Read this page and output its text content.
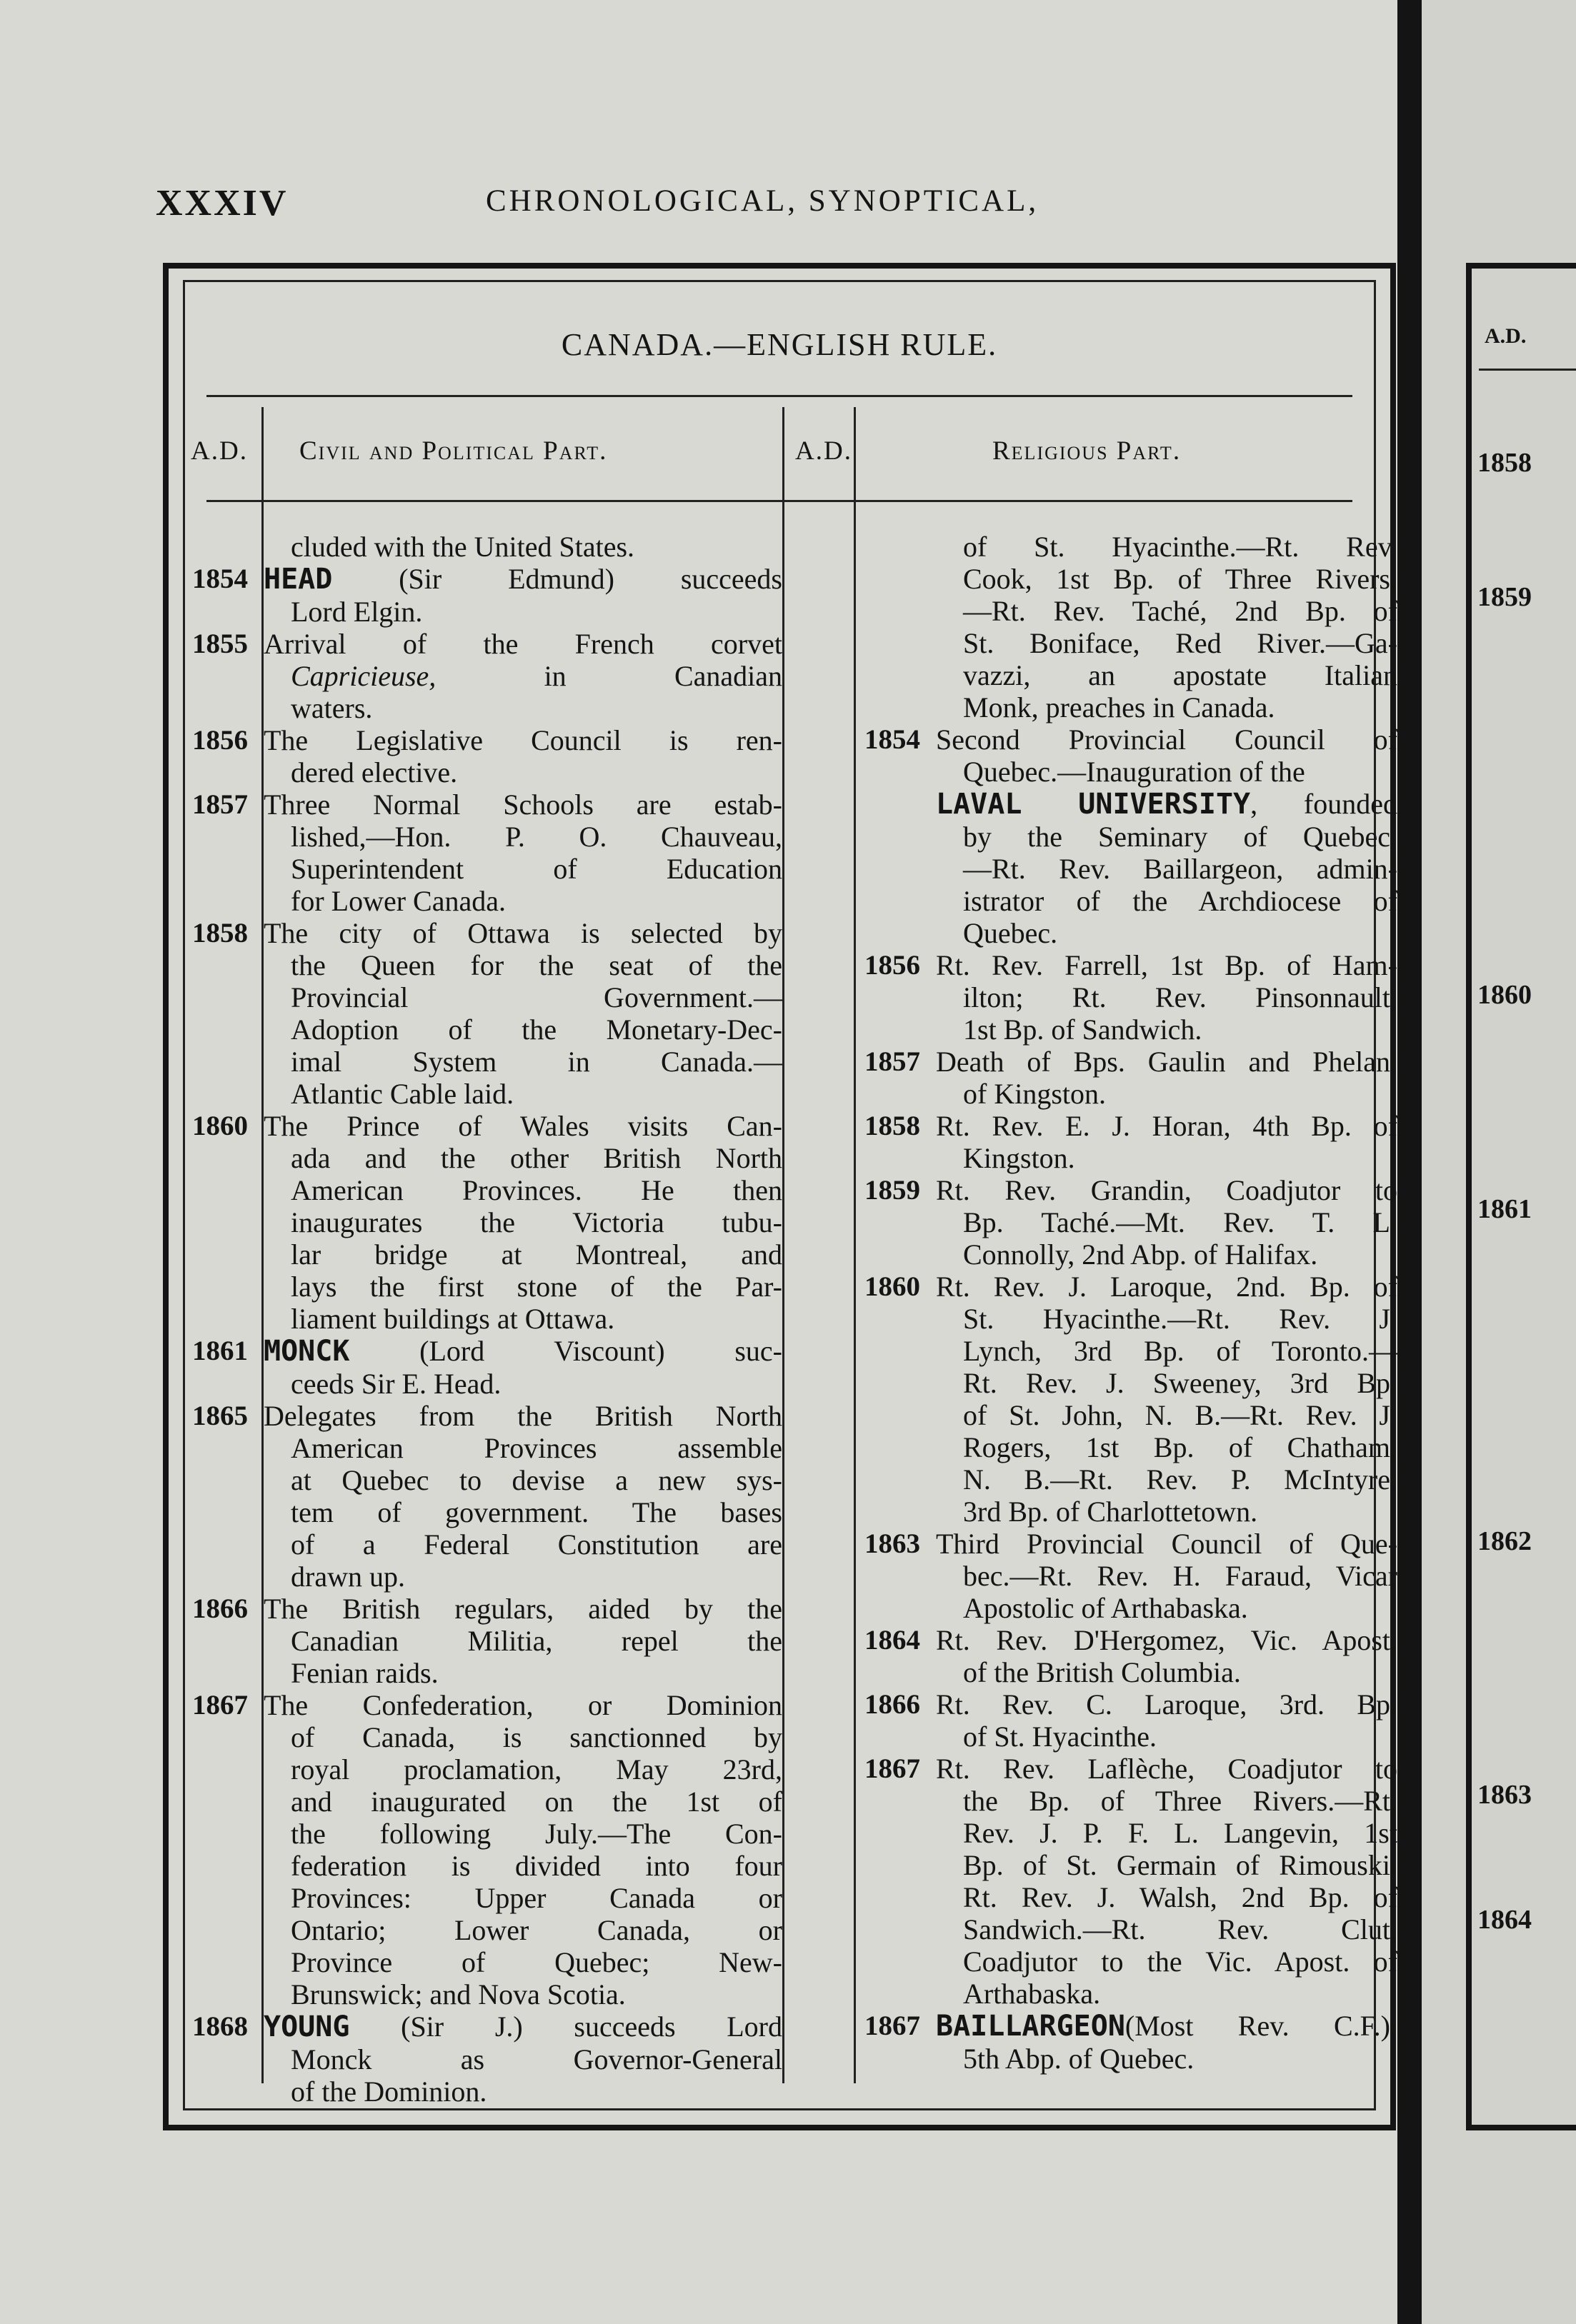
XXXIV	CHRONOLOGICAL, SYNOPTICAL,
CANADA.—ENGLISH RULE.
A.D. Civil and Political Part.	A.D.	Religious Part.
cluded with the United States.
1854 HEAD (Sir Edmund) succeeds
Lord Elgin.
1855 Arrival of the French corvet
Capricieuse, in Canadian
waters.
1856 The Legislative Council is ren-
dered elective.
1857 Three Normal Schools are estab-
lished,—Hon. P. O. Chauveau,
Superintendent of Education
for Lower Canada.
1858 The city of Ottawa is selected by
the Queen for the seat of the
Provincial Government.—
Adoption of the Monetary-Dec-
imal System in Canada.—
Atlantic Cable laid.
1860 The Prince of Wales visits Can-
ada and the other British North
American Provinces. He then
inaugurates the Victoria tubu-
lar bridge at Montreal, and
lays the first stone of the Par-
liament buildings at Ottawa.
1861 MONCK (Lord Viscount) suc-
ceeds Sir E. Head.
1865 Delegates from the British North
American Provinces assemble
at Quebec to devise a new sys-
tem of government. The bases
of a Federal Constitution are
drawn up.
1866 The British regulars, aided by the
Canadian Militia, repel the
Fenian raids.
1867 The Confederation, or Dominion
of Canada, is sanctionned by
royal proclamation, May 23rd,
and inaugurated on the 1st of
the following July.—The Con-
federation is divided into four
Provinces: Upper Canada or
Ontario; Lower Canada, or
Province of Quebec; New-
Brunswick; and Nova Scotia.
1868 YOUNG (Sir J.) succeeds Lord
Monck as Governor-General
of the Dominion.
of St. Hyacinthe.—Rt. Rev.
Cook, 1st Bp. of Three Rivers.
—Rt. Rev. Taché, 2nd Bp. of
St. Boniface, Red River.—Ga-
vazzi, an apostate Italian
Monk, preaches in Canada.
1854 Second Provincial Council of
Quebec.—Inauguration of the
LAVAL UNIVERSITY, founded
by the Seminary of Quebec.
—Rt. Rev. Baillargeon, admin-
istrator of the Archdiocese of
Quebec.
1856 Rt. Rev. Farrell, 1st Bp. of Ham-
ilton; Rt. Rev. Pinsonnault,
1st Bp. of Sandwich.
1857 Death of Bps. Gaulin and Phelan,
of Kingston.
1858 Rt. Rev. E. J. Horan, 4th Bp. of
Kingston.
1859 Rt. Rev. Grandin, Coadjutor to
Bp. Taché.—Mt. Rev. T. L.
Connolly, 2nd Abp. of Halifax.
1860 Rt. Rev. J. Laroque, 2nd. Bp. of
St. Hyacinthe.—Rt. Rev. J.
Lynch, 3rd Bp. of Toronto.—
Rt. Rev. J. Sweeney, 3rd Bp.
of St. John, N. B.—Rt. Rev. J.
Rogers, 1st Bp. of Chatham,
N. B.—Rt. Rev. P. McIntyre,
3rd Bp. of Charlottetown.
1863 Third Provincial Council of Que-
bec.—Rt. Rev. H. Faraud, Vicar
Apostolic of Arthabaska.
1864 Rt. Rev. D'Hergomez, Vic. Apost.
of the British Columbia.
1866 Rt. Rev. C. Laroque, 3rd. Bp.
of St. Hyacinthe.
1867 Rt. Rev. Laflèche, Coadjutor to
the Bp. of Three Rivers.—Rt.
Rev. J. P. F. L. Langevin, 1st
Bp. of St. Germain of Rimouski.
Rt. Rev. J. Walsh, 2nd Bp. of
Sandwich.—Rt. Rev. Clut,
Coadjutor to the Vic. Apost. of
Arthabaska.
1867 BAILLARGEON(Most Rev. C.F.),
5th Abp. of Quebec.
A.D.
1858
1859
1860
1861
1862
1863
1864
